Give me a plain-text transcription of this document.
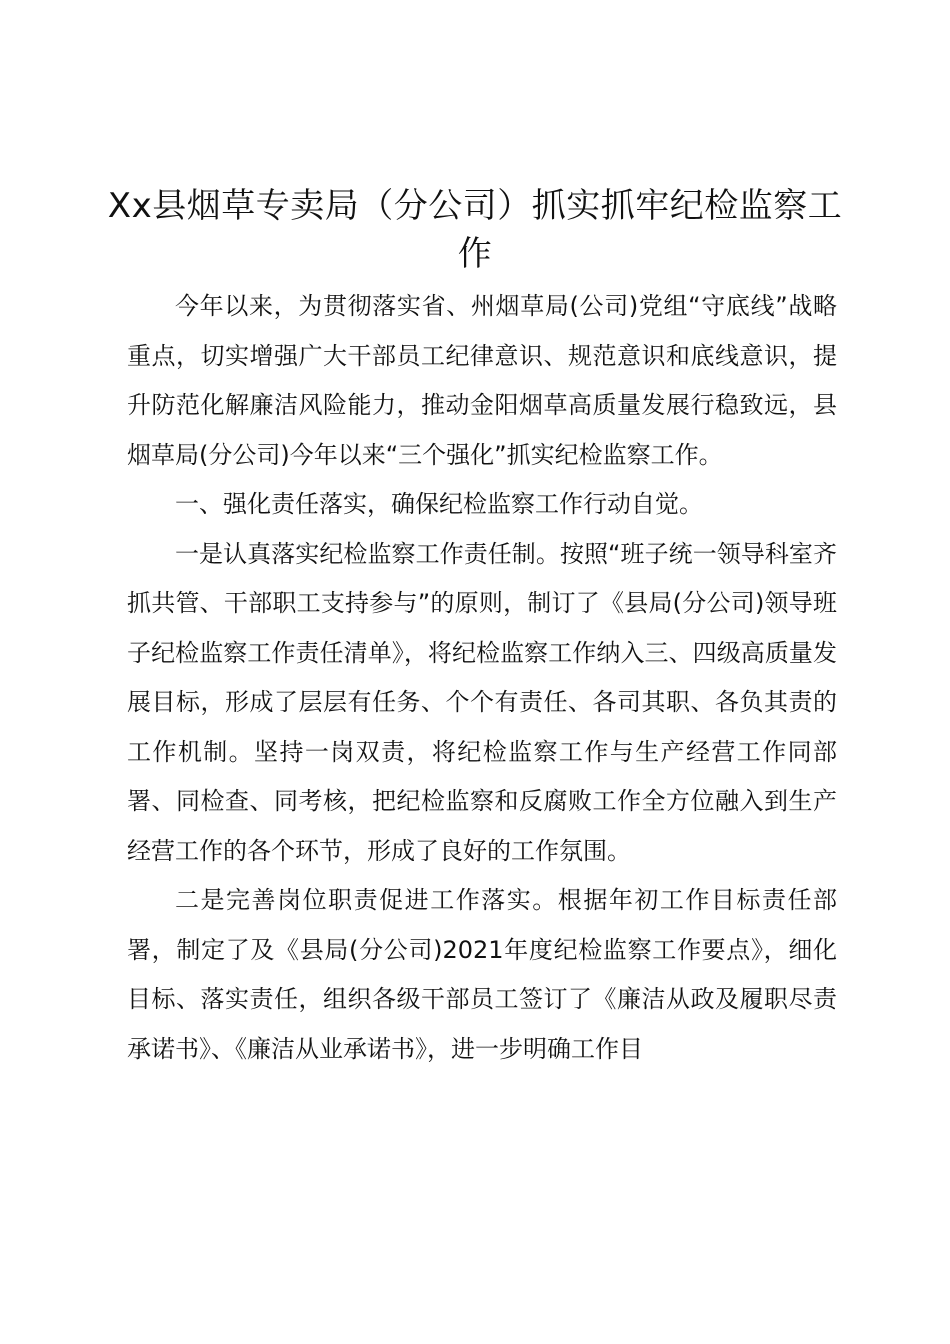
Xx县烟草专卖局（分公司）抓实抓牢纪检监察工作

今年以来，为贯彻落实省、州烟草局(公司)党组“守底线”战略重点，切实增强广大干部员工纪律意识、规范意识和底线意识，提升防范化解廉洁风险能力，推动金阳烟草高质量发展行稳致远，县烟草局(分公司)今年以来“三个强化”抓实纪检监察工作。

一、强化责任落实，确保纪检监察工作行动自觉。

一是认真落实纪检监察工作责任制。按照“班子统一领导科室齐抓共管、干部职工支持参与”的原则，制订了《县局(分公司)领导班子纪检监察工作责任清单》，将纪检监察工作纳入三、四级高质量发展目标，形成了层层有任务、个个有责任、各司其职、各负其责的工作机制。坚持一岗双责，将纪检监察工作与生产经营工作同部署、同检查、同考核，把纪检监察和反腐败工作全方位融入到生产经营工作的各个环节，形成了良好的工作氛围。

二是完善岗位职责促进工作落实。根据年初工作目标责任部署，制定了及《县局(分公司)2021年度纪检监察工作要点》，细化目标、落实责任，组织各级干部员工签订了《廉洁从政及履职尽责承诺书》、《廉洁从业承诺书》，进一步明确工作目
